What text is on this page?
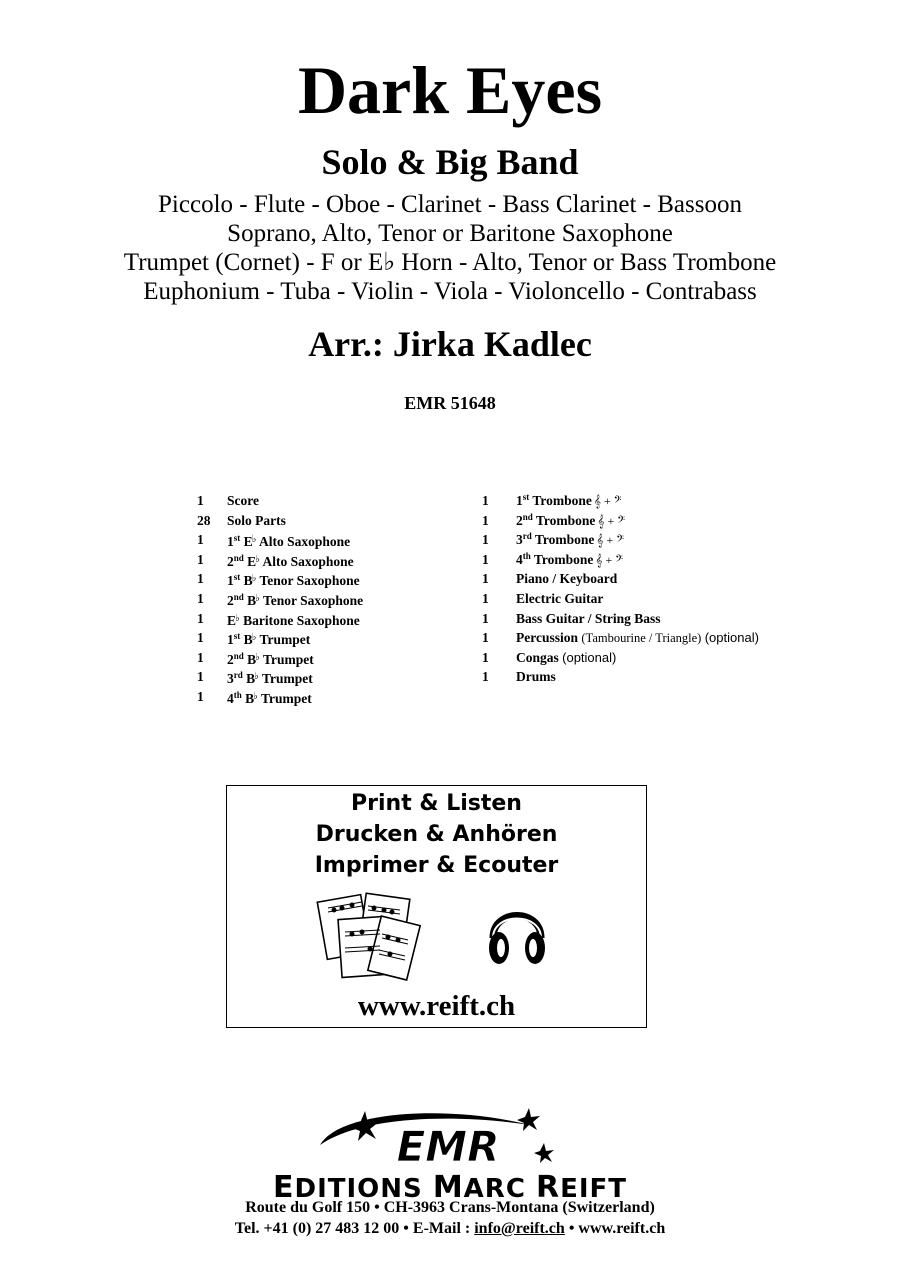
Dark Eyes
Solo & Big Band
Piccolo - Flute - Oboe - Clarinet - Bass Clarinet - Bassoon
Soprano, Alto, Tenor or Baritone Saxophone
Trumpet (Cornet) - F or E♭ Horn - Alto, Tenor or Bass Trombone
Euphonium - Tuba - Violin - Viola - Violoncello - Contrabass
Arr.: Jirka Kadlec
EMR 51648
1 Score
28 Solo Parts
1 1st E♭ Alto Saxophone
1 2nd E♭ Alto Saxophone
1 1st B♭ Tenor Saxophone
1 2nd B♭ Tenor Saxophone
1 E♭ Baritone Saxophone
1 1st B♭ Trumpet
1 2nd B♭ Trumpet
1 3rd B♭ Trumpet
1 4th B♭ Trumpet
1 1st Trombone 𝄞 + 𝄢
1 2nd Trombone 𝄞 + 𝄢
1 3rd Trombone 𝄞 + 𝄢
1 4th Trombone 𝄞 + 𝄢
1 Piano / Keyboard
1 Electric Guitar
1 Bass Guitar / String Bass
1 Percussion (Tambourine / Triangle) (optional)
1 Congas (optional)
1 Drums
Print & Listen
Drucken & Anhören
Imprimer & Ecouter
www.reift.ch
EMR
EDITIONS MARC REIFT
Route du Golf 150 • CH-3963 Crans-Montana (Switzerland)
Tel. +41 (0) 27 483 12 00 • E-Mail : info@reift.ch • www.reift.ch
